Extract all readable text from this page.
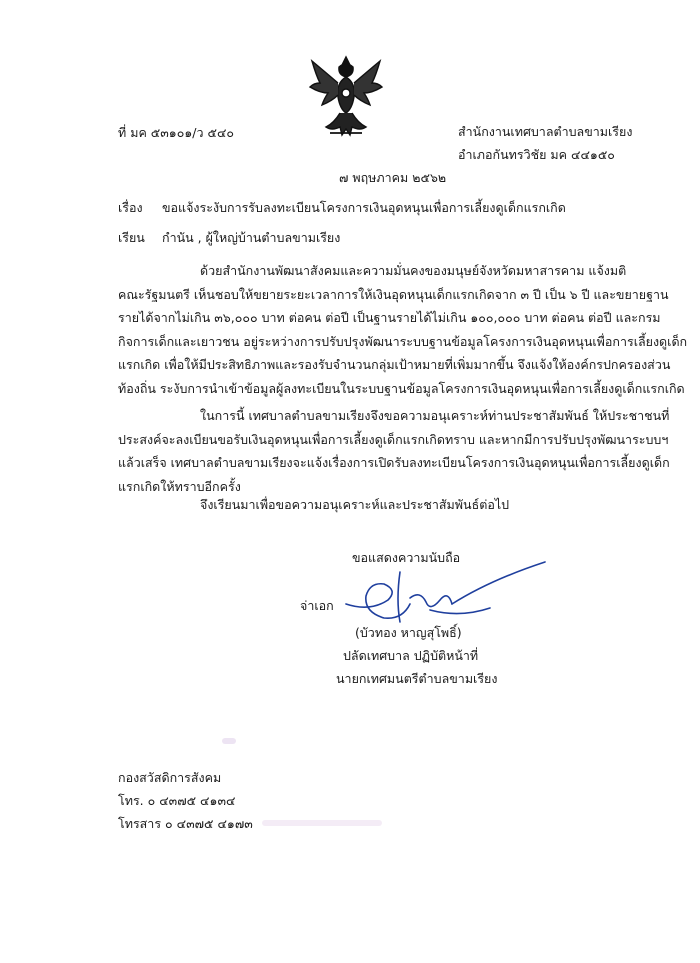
ที่ มค ๕๓๑๐๑/ว ๕๔๐	สำนักงานเทศบาลตำบลขามเรียง
อำเภอกันทรวิชัย มค ๔๔๑๕๐
๗ พฤษภาคม ๒๕๖๒
เรื่อง ขอแจ้งระงับการรับลงทะเบียนโครงการเงินอุดหนุนเพื่อการเลี้ยงดูเด็กแรกเกิด
เรียน กำนัน , ผู้ใหญ่บ้านตำบลขามเรียง
ด้วยสำนักงานพัฒนาสังคมและความมั่นคงของมนุษย์จังหวัดมหาสารคาม แจ้งมติ
คณะรัฐมนตรี เห็นชอบให้ขยายระยะเวลาการให้เงินอุดหนุนเด็กแรกเกิดจาก ๓ ปี เป็น ๖ ปี และขยายฐาน
รายได้จากไม่เกิน ๓๖,๐๐๐ บาท ต่อคน ต่อปี เป็นฐานรายได้ไม่เกิน ๑๐๐,๐๐๐ บาท ต่อคน ต่อปี และกรม
กิจการเด็กและเยาวชน อยู่ระหว่างการปรับปรุงพัฒนาระบบฐานข้อมูลโครงการเงินอุดหนุนเพื่อการเลี้ยงดูเด็ก
แรกเกิด เพื่อให้มีประสิทธิภาพและรองรับจำนวนกลุ่มเป้าหมายที่เพิ่มมากขึ้น จึงแจ้งให้องค์กรปกครองส่วน
ท้องถิ่น ระงับการนำเข้าข้อมูลผู้ลงทะเบียนในระบบฐานข้อมูลโครงการเงินอุดหนุนเพื่อการเลี้ยงดูเด็กแรกเกิด
ในการนี้ เทศบาลตำบลขามเรียงจึงขอความอนุเคราะห์ท่านประชาสัมพันธ์ ให้ประชาชนที่
ประสงค์จะลงเบียนขอรับเงินอุดหนุนเพื่อการเลี้ยงดูเด็กแรกเกิดทราบ และหากมีการปรับปรุงพัฒนาระบบฯ
แล้วเสร็จ เทศบาลตำบลขามเรียงจะแจ้งเรื่องการเปิดรับลงทะเบียนโครงการเงินอุดหนุนเพื่อการเลี้ยงดูเด็ก
แรกเกิดให้ทราบอีกครั้ง
จึงเรียนมาเพื่อขอความอนุเคราะห์และประชาสัมพันธ์ต่อไป
ขอแสดงความนับถือ
จ่าเอก
(บัวทอง หาญสุโพธิ์)
ปลัดเทศบาล ปฏิบัติหน้าที่
นายกเทศมนตรีตำบลขามเรียง
กองสวัสดิการสังคม
โทร. ๐ ๔๓๗๕ ๔๑๓๔
โทรสาร ๐ ๔๓๗๕ ๔๑๗๓
